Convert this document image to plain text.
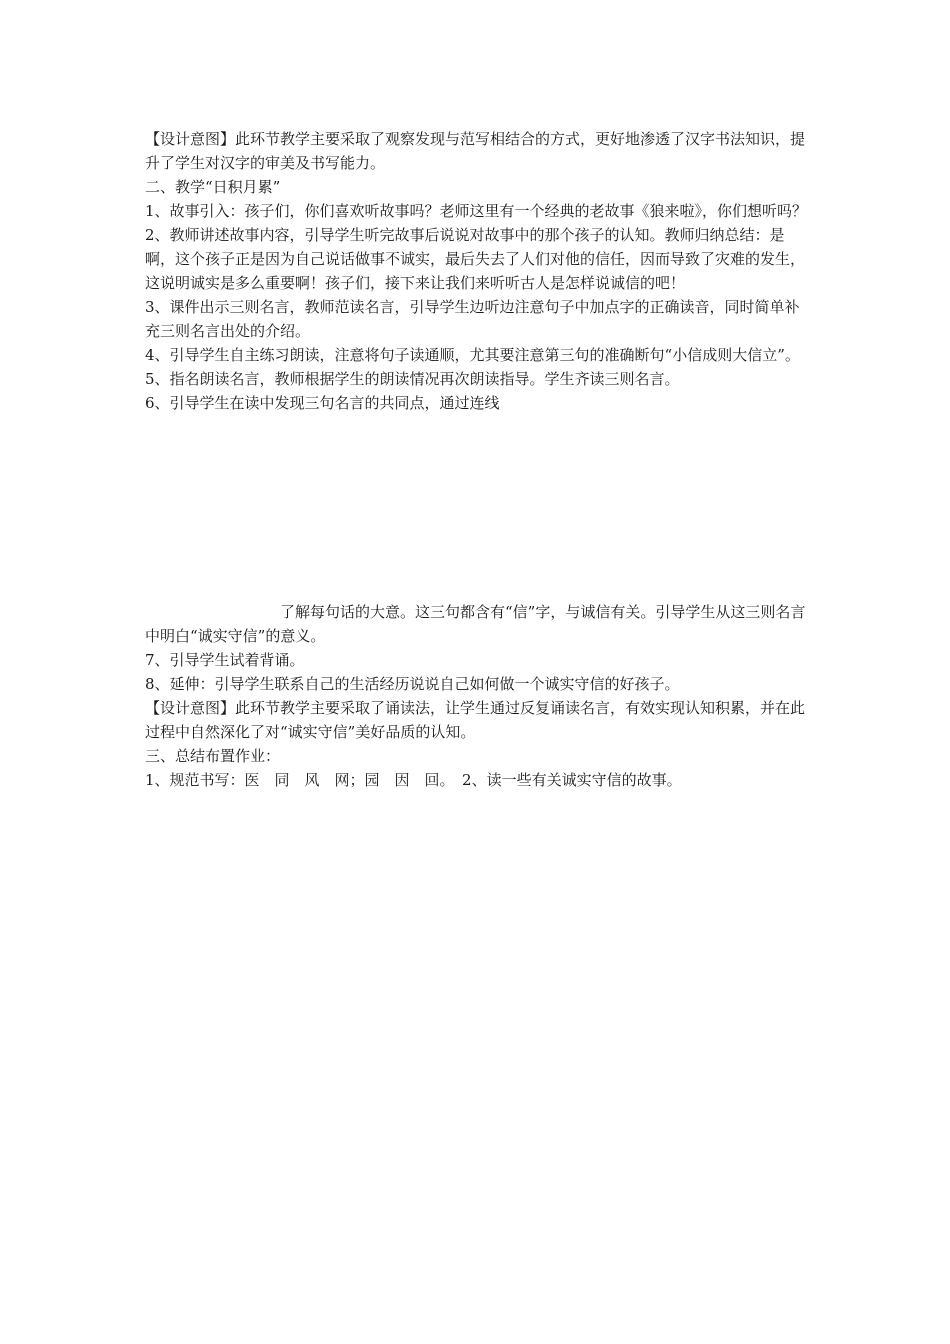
【设计意图】此环节教学主要采取了观察发现与范写相结合的方式，更好地渗透了汉字书法知识，提升了学生对汉字的审美及书写能力。

二、教学“日积月累”

1、故事引入：孩子们，你们喜欢听故事吗？老师这里有一个经典的老故事《狼来啦》，你们想听吗？

2、教师讲述故事内容，引导学生听完故事后说说对故事中的那个孩子的认知。教师归纳总结：是啊，这个孩子正是因为自己说话做事不诚实，最后失去了人们对他的信任，因而导致了灾难的发生，这说明诚实是多么重要啊！孩子们，接下来让我们来听听古人是怎样说诚信的吧！

3、课件出示三则名言，教师范读名言，引导学生边听边注意句子中加点字的正确读音，同时简单补充三则名言出处的介绍。

4、引导学生自主练习朗读，注意将句子读通顺，尤其要注意第三句的准确断句“小信成则大信立”。

5、指名朗读名言，教师根据学生的朗读情况再次朗读指导。学生齐读三则名言。

6、引导学生在读中发现三句名言的共同点，通过连线

了解每句话的大意。这三句都含有“信”字，与诚信有关。引导学生从这三则名言中明白“诚实守信”的意义。

7、引导学生试着背诵。

8、延伸：引导学生联系自己的生活经历说说自己如何做一个诚实守信的好孩子。

【设计意图】此环节教学主要采取了诵读法，让学生通过反复诵读名言，有效实现认知积累，并在此过程中自然深化了对“诚实守信”美好品质的认知。

三、总结布置作业：

1、规范书写：医　同　风　网；园　因　回。　2、读一些有关诚实守信的故事。
